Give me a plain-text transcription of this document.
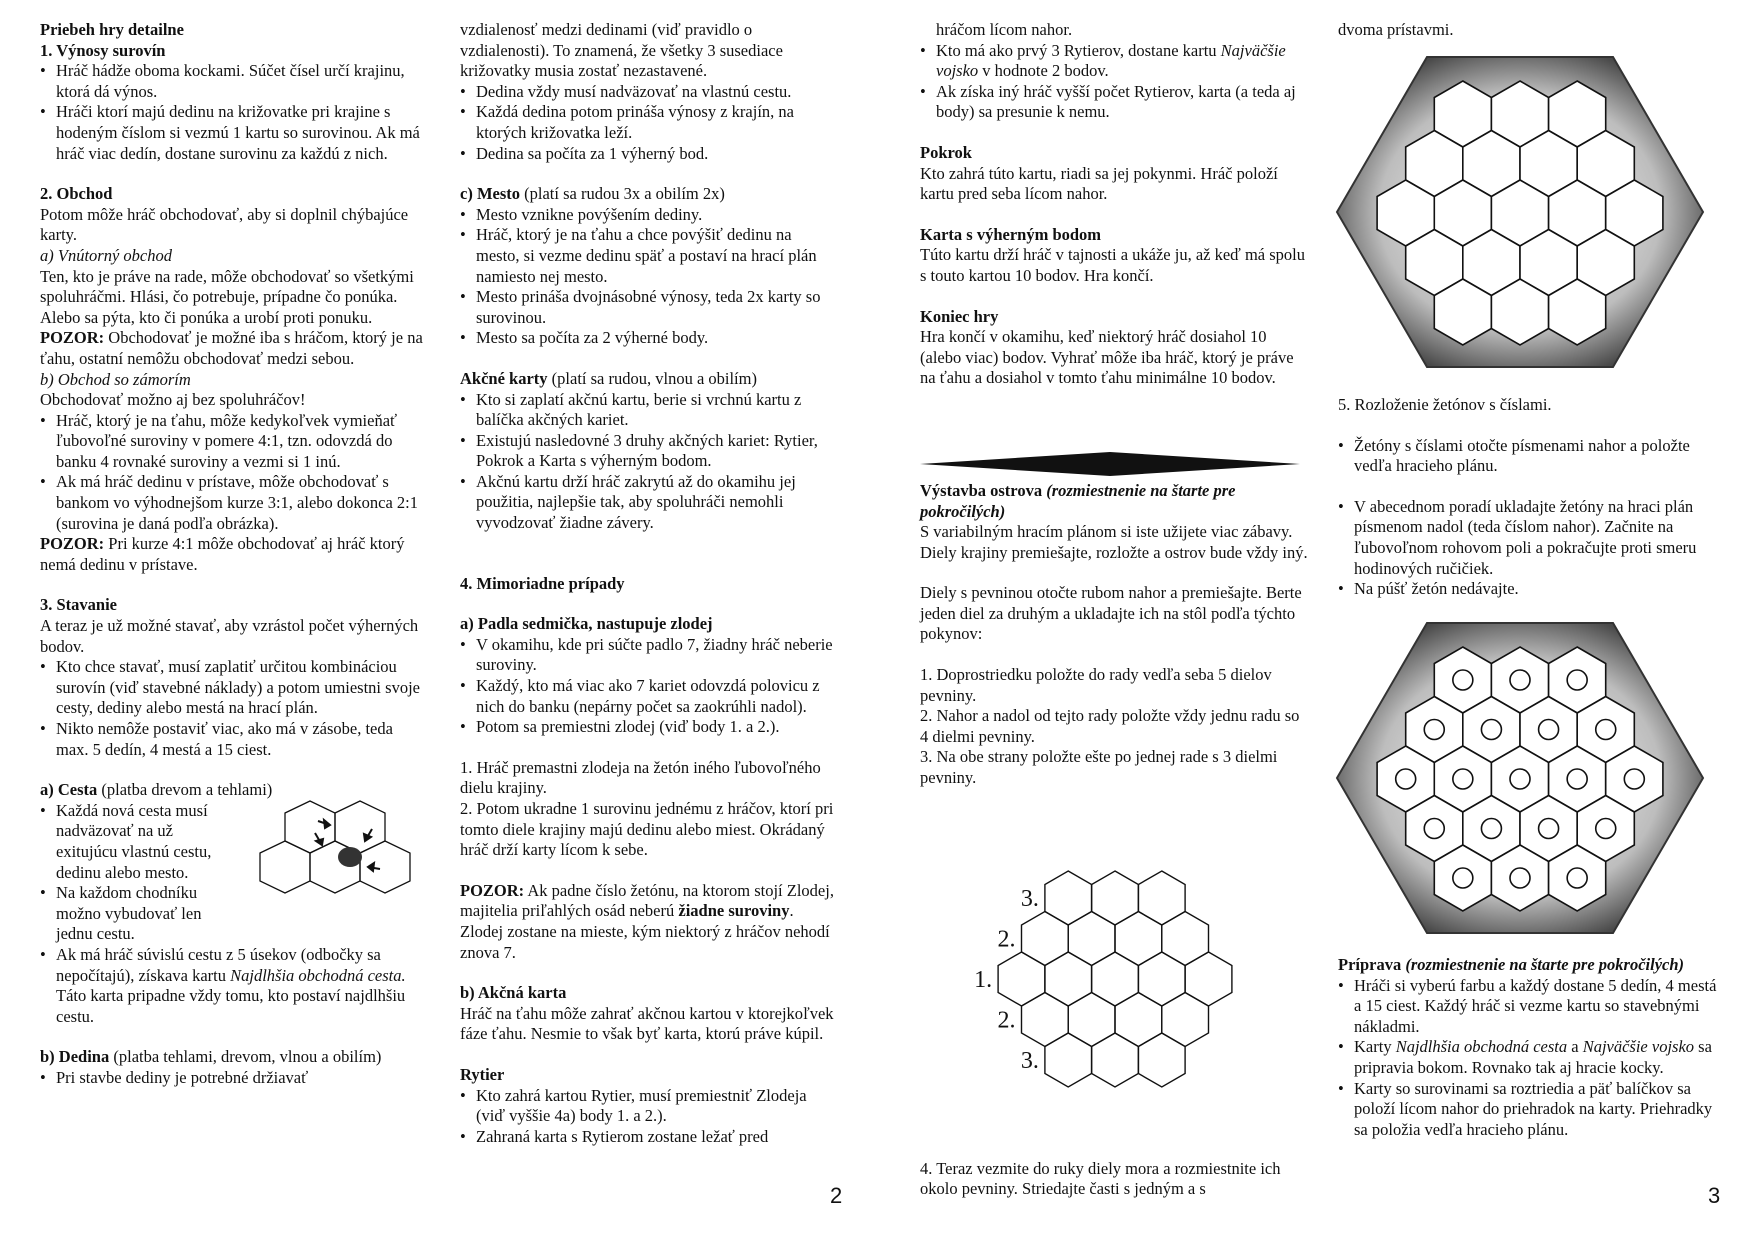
Priebeh hry detailne
1. Výnosy surovín
• Hráč hádže oboma kockami. Súčet čísel určí krajinu, ktorá dá výnos.
• Hráči ktorí majú dedinu na križovatke pri krajine s hodeným číslom si vezmú 1 kartu so surovinou. Ak má hráč viac dedín, dostane surovinu za každú z nich.
2. Obchod

Potom môže hráč obchodovať, aby si doplnil chýbajúce karty.

a) Vnútorný obchod

Ten, kto je práve na rade, môže obchodovať so všetkými spoluhráčmi. Hlási, čo potrebuje, prípadne čo ponúka. Alebo sa pýta, kto či ponúka a urobí proti ponuku. POZOR: Obchodovať je možné iba s hráčom, ktorý je na ťahu, ostatní nemôžu obchodovať medzi sebou.

b) Obchod so zámorím

Obchodovať možno aj bez spoluhráčov!

• Hráč, ktorý je na ťahu, môže kedykoľvek vymieňať ľubovoľné suroviny v pomere 4:1, tzn. odovzdá do banku 4 rovnaké suroviny a vezmi si 1 inú.
• Ak má hráč dedinu v prístave, môže obchodovať s bankom vo výhodnejšom kurze 3:1, alebo dokonca 2:1 (surovina je daná podľa obrázka).

POZOR: Pri kurze 4:1 môže obchodovať aj hráč ktorý nemá dedinu v prístave.

3. Stavanie

A teraz je už možné stavať, aby vzrástol počet výherných bodov.

• Kto chce stavať, musí zaplatiť určitou kombináciou surovín (viď stavebné náklady) a potom umiestni svoje cesty, dediny alebo mestá na hrací plán.
• Nikto nemôže postaviť viac, ako má v zásobe, teda max. 5 dedín, 4 mestá a 15 ciest.

a) Cesta (platba drevom a tehlami)

• Každá nová cesta musí nadväzovať na už exitujúcu vlastnú cestu, dedinu alebo mesto.
• Na každom chodníku možno vybudovať len jednu cestu.
• Ak má hráč súvislú cestu z 5 úsekov (odbočky sa nepočítajú), získava kartu Najdlhšia obchodná cesta. Táto karta pripadne vždy tomu, kto postaví najdlhšiu cestu.

b) Dedina (platba tehlami, drevom, vlnou a obilím)

• Pri stavbe dediny je potrebné držiavať

vzdialenosť medzi dedinami (viď pravidlo o vzdialenosti). To znamená, že všetky 3 susediace križovatky musia zostať nezastavené.

• Dedina vždy musí nadväzovať na vlastnú cestu.
• Každá dedina potom prináša výnosy z krajín, na ktorých križovatka leží.
• Dedina sa počíta za 1 výherný bod.

c) Mesto (platí sa rudou 3x a obilím 2x)

• Mesto vznikne povýšením dediny.
• Hráč, ktorý je na ťahu a chce povýšiť dedinu na mesto, si vezme dedinu späť a postaví na hrací plán namiesto nej mesto.
• Mesto prináša dvojnásobné výnosy, teda 2x karty so surovinou.
• Mesto sa počíta za 2 výherné body.

Akčné karty (platí sa rudou, vlnou a obilím)

• Kto si zaplatí akčnú kartu, berie si vrchnú kartu z balíčka akčných kariet.
• Existujú nasledovné 3 druhy akčných kariet: Rytier, Pokrok a Karta s výherným bodom.
• Akčnú kartu drží hráč zakrytú až do okamihu jej použitia, najlepšie tak, aby spoluhráči nemohli vyvodzovať žiadne závery.
4. Mimoriadne prípady
a) Padla sedmička, nastupuje zlodej
• V okamihu, kde pri súčte padlo 7, žiadny hráč neberie suroviny.
• Každý, kto má viac ako 7 kariet odovzdá polovicu z nich do banku (nepárny počet sa zaokrúhli nadol).
• Potom sa premiestni zlodej (viď body 1. a 2.).

1. Hráč premastni zlodeja na žetón iného ľubovoľného dielu krajiny.
2. Potom ukradne 1 surovinu jednému z hráčov, ktorí pri tomto diele krajiny majú dedinu alebo miest. Okrádaný hráč drží karty lícom k sebe.

POZOR: Ak padne číslo žetónu, na ktorom stojí Zlodej, majitelia priľahlých osád neberú žiadne suroviny. Zlodej zostane na mieste, kým niektorý z hráčov nehodí znova 7.

b) Akčná karta

Hráč na ťahu môže zahrať akčnou kartou v ktorejkoľvek fáze ťahu. Nesmie to však byť karta, ktorú práve kúpil.

Rytier
• Kto zahrá kartou Rytier, musí premiestniť Zlodeja (viď vyššie 4a) body 1. a 2.).
• Zahraná karta s Rytierom zostane ležať pred
2

hráčom lícom nahor.

• Kto má ako prvý 3 Rytierov, dostane kartu Najväčšie vojsko v hodnote 2 bodov.
• Ak získa iný hráč vyšší počet Rytierov, karta (a teda aj body) sa presunie k nemu.
Pokrok

Kto zahrá túto kartu, riadi sa jej pokynmi. Hráč položí kartu pred seba lícom nahor.

Karta s výherným bodom

Túto kartu drží hráč v tajnosti a ukáže ju, až keď má spolu s touto kartou 10 bodov. Hra končí.

Koniec hry

Hra končí v okamihu, keď niektorý hráč dosiahol 10 (alebo viac) bodov. Vyhrať môže iba hráč, ktorý je práve na ťahu a dosiahol v tomto ťahu minimálne 10 bodov.

Výstavba ostrova (rozmiestnenie na štarte pre pokročilých)

S variabilným hracím plánom si iste užijete viac zábavy. Diely krajiny premiešajte, rozložte a ostrov bude vždy iný.

Diely s pevninou otočte rubom nahor a premiešajte. Berte jeden diel za druhým a ukladajte ich na stôl podľa týchto pokynov:

1. Doprostriedku položte do rady vedľa seba 5 dielov pevniny.
2. Nahor a nadol od tejto rady položte vždy jednu radu so 4 dielmi pevniny.
3. Na obe strany položte ešte po jednej rade s 3 dielmi pevniny.

3.
2.
1.
2.
3.

4. Teraz vezmite do ruky diely mora a rozmiestnite ich okolo pevniny. Striedajte časti s jedným a s

dvoma prístavmi.

5. Rozloženie žetónov s číslami.

• Žetóny s číslami otočte písmenami nahor a položte vedľa hracieho plánu.
• V abecednom poradí ukladajte žetóny na hraci plán písmenom nadol (teda číslom nahor). Začnite na ľubovoľnom rohovom poli a pokračujte proti smeru hodinových ručičiek.
• Na púšť žetón nedávajte.

Príprava (rozmiestnenie na štarte pre pokročilých)

• Hráči si vyberú farbu a každý dostane 5 dedín, 4 mestá a 15 ciest. Každý hráč si vezme kartu so stavebnými nákladmi.
• Karty Najdlhšia obchodná cesta a Najväčšie vojsko sa pripravia bokom. Rovnako tak aj hracie kocky.
• Karty so surovinami sa roztriedia a päť balíčkov sa položí lícom nahor do priehradok na karty. Priehradky sa položia vedľa hracieho plánu.
3
